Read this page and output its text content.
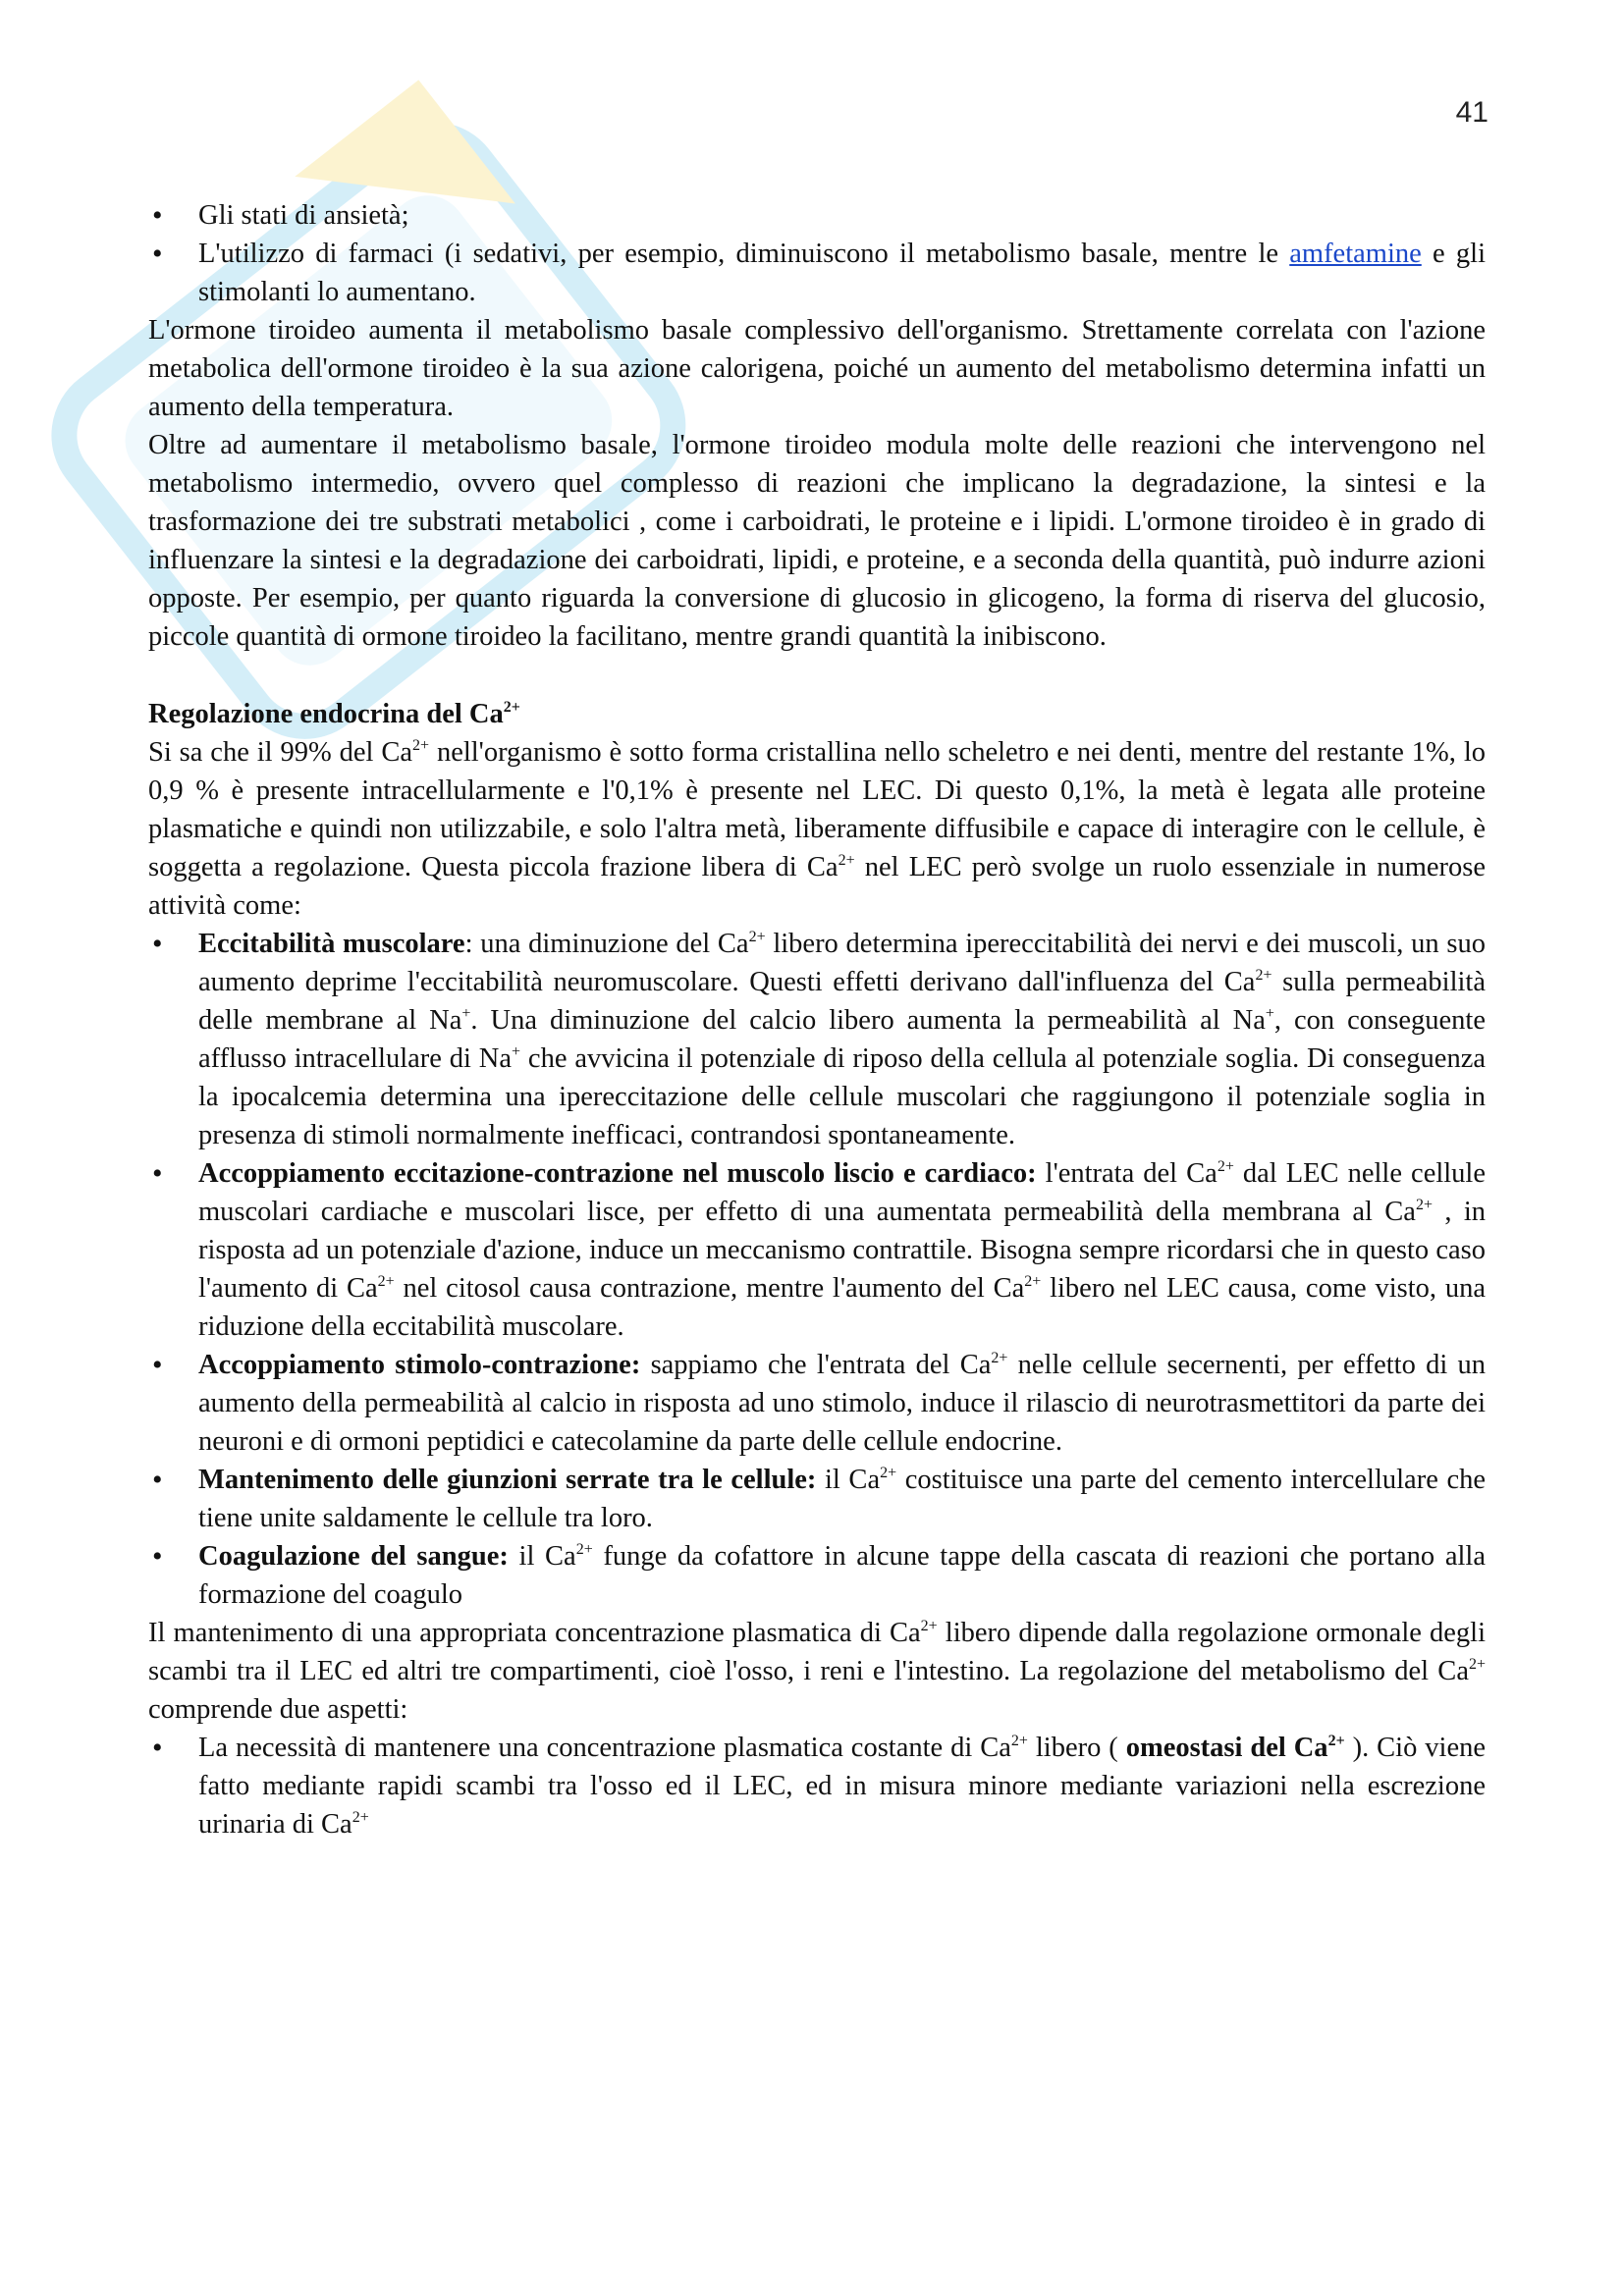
41
• Gli stati di ansietà;
• L'utilizzo di farmaci (i sedativi, per esempio, diminuiscono il metabolismo basale, mentre le amfetamine e gli stimolanti lo aumentano.

L'ormone tiroideo aumenta il metabolismo basale complessivo dell'organismo. Strettamente correlata con l'azione metabolica dell'ormone tiroideo è la sua azione calorigena, poiché un aumento del metabolismo determina infatti un aumento della temperatura.

Oltre ad aumentare il metabolismo basale, l'ormone tiroideo modula molte delle reazioni che intervengono nel metabolismo intermedio, ovvero quel complesso di reazioni che implicano la degradazione, la sintesi e la trasformazione dei tre substrati metabolici , come i carboidrati, le proteine e i lipidi. L'ormone tiroideo è in grado di influenzare la sintesi e la degradazione dei carboidrati, lipidi, e proteine, e a seconda della quantità, può indurre azioni opposte. Per esempio, per quanto riguarda la conversione di glucosio in glicogeno, la forma di riserva del glucosio, piccole quantità di ormone tiroideo la facilitano, mentre grandi quantità la inibiscono.

Regolazione endocrina del $Ca^{2+}$

Si sa che il 99% del $Ca^{2+}$ nell'organismo è sotto forma cristallina nello scheletro e nei denti, mentre del restante 1%, lo 0,9 % è presente intracellularmente e l'0,1% è presente nel LEC. Di questo 0,1%, la metà è legata alle proteine plasmatiche e quindi non utilizzabile, e solo l'altra metà, liberamente diffusibile e capace di interagire con le cellule, è soggetta a regolazione. Questa piccola frazione libera di $Ca^{2+}$ nel LEC però svolge un ruolo essenziale in numerose attività come:

• Eccitabilità muscolare: una diminuzione del $Ca^{2+}$ libero determina ipereccitabilità dei nervi e dei muscoli, un suo aumento deprime l'eccitabilità neuromuscolare. Questi effetti derivano dall'influenza del $Ca^{2+}$ sulla permeabilità delle membrane al Na+. Una diminuzione del calcio libero aumenta la permeabilità al Na+, con conseguente afflusso intracellulare di Na+ che avvicina il potenziale di riposo della cellula al potenziale soglia. Di conseguenza la ipocalcemia determina una ipereccitazione delle cellule muscolari che raggiungono il potenziale soglia in presenza di stimoli normalmente inefficaci, contrandosi spontaneamente.
• Accoppiamento eccitazione-contrazione nel muscolo liscio e cardiaco: l'entrata del $Ca^{2+}$ dal LEC nelle cellule muscolari cardiache e muscolari lisce, per effetto di una aumentata permeabilità della membrana al $Ca^{2+}$ , in risposta ad un potenziale d'azione, induce un meccanismo contrattile. Bisogna sempre ricordarsi che in questo caso l'aumento di $Ca^{2+}$ nel citosol causa contrazione, mentre l'aumento del $Ca^{2+}$ libero nel LEC causa, come visto, una riduzione della eccitabilità muscolare.
• Accoppiamento stimolo-contrazione: sappiamo che l'entrata del $Ca^{2+}$ nelle cellule secernenti, per effetto di un aumento della permeabilità al calcio in risposta ad uno stimolo, induce il rilascio di neurotrasmettitori da parte dei neuroni e di ormoni peptidici e catecolamine da parte delle cellule endocrine.
• Mantenimento delle giunzioni serrate tra le cellule: il $Ca^{2+}$ costituisce una parte del cemento intercellulare che tiene unite saldamente le cellule tra loro.
• Coagulazione del sangue: il $Ca^{2+}$ funge da cofattore in alcune tappe della cascata di reazioni che portano alla formazione del coagulo

Il mantenimento di una appropriata concentrazione plasmatica di $Ca^{2+}$ libero dipende dalla regolazione ormonale degli scambi tra il LEC ed altri tre compartimenti, cioè l'osso, i reni e l'intestino. La regolazione del metabolismo del $Ca^{2+}$ comprende due aspetti:

• La necessità di mantenere una concentrazione plasmatica costante di $Ca^{2+}$ libero ( omeostasi del $Ca^{2+}$ ). Ciò viene fatto mediante rapidi scambi tra l'osso ed il LEC, ed in misura minore mediante variazioni nella escrezione urinaria di $Ca^{2+}$
